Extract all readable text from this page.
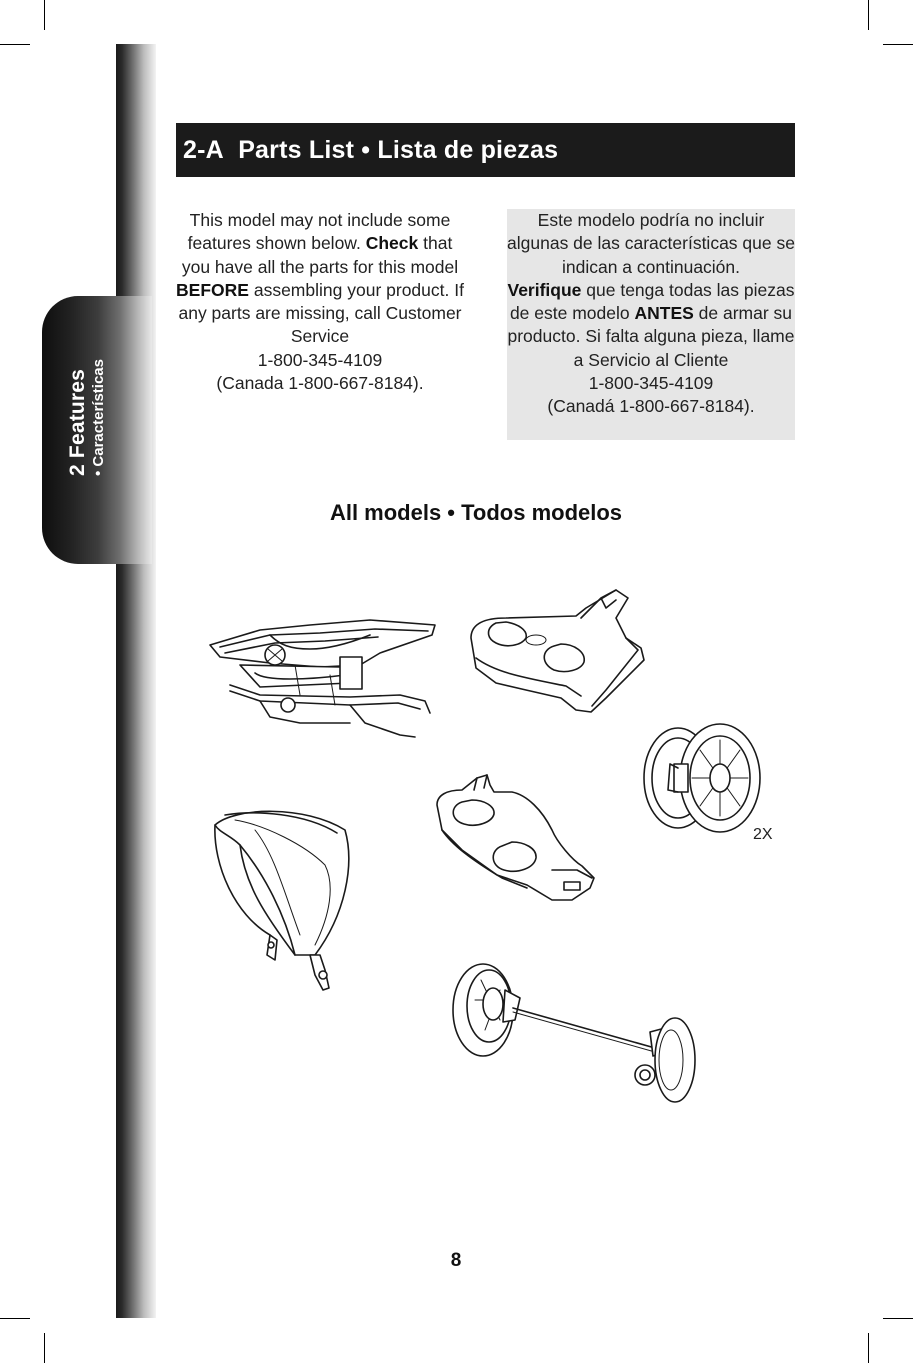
2 Features • Características
2-A Parts List • Lista de piezas
This model may not include some features shown below. Check that you have all the parts for this model BEFORE assembling your product. If any parts are missing, call Customer Service
1-800-345-4109
(Canada 1-800-667-8184).
Este modelo podría no incluir algunas de las características que se indican a continuación.
Verifique que tenga todas las piezas de este modelo ANTES de armar su producto. Si falta alguna pieza, llame a Servicio al Cliente
1-800-345-4109
(Canadá 1-800-667-8184).
All models • Todos modelos
2X
8
